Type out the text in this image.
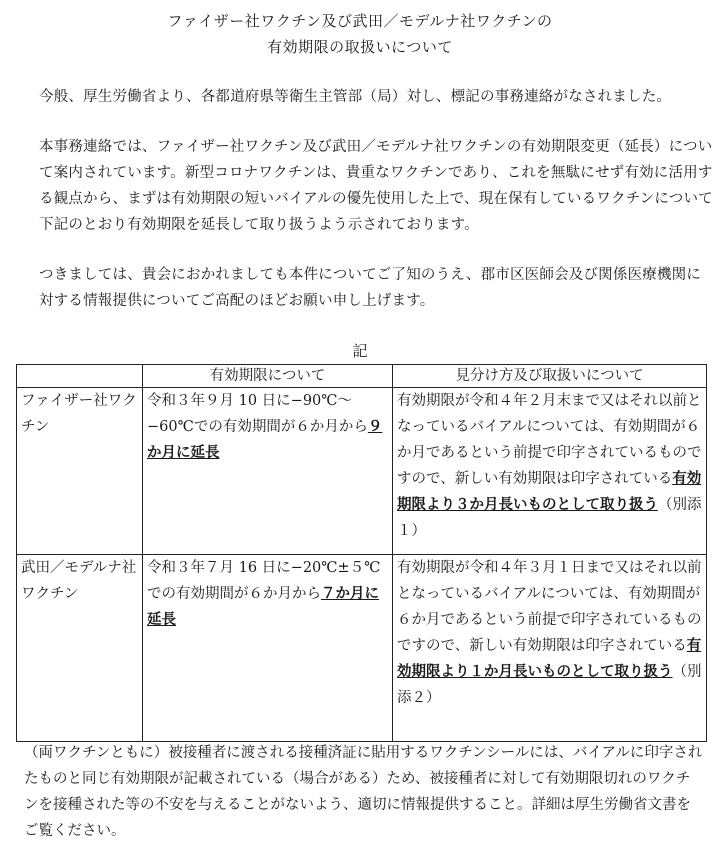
ファイザー社ワクチン及び武田／モデルナ社ワクチンの
有効期限の取扱いについて
今般、厚生労働省より、各都道府県等衛生主管部（局）対し、標記の事務連絡がなされました。
本事務連絡では、ファイザー社ワクチン及び武田／モデルナ社ワクチンの有効期限変更（延長）について案内されています。新型コロナワクチンは、貴重なワクチンであり、これを無駄にせず有効に活用する観点から、まずは有効期限の短いバイアルの優先使用した上で、現在保有しているワクチンについて下記のとおり有効期限を延長して取り扱うよう示されております。
つきましては、貴会におかれましても本件についてご了知のうえ、郡市区医師会及び関係医療機関に対する情報提供についてご高配のほどお願い申し上げます。
記
	有効期限について	見分け方及び取扱いについて
ファイザー社ワクチン	令和３年９月 10 日に−90℃〜−60℃での有効期間が６か月から９か月に延長	有効期限が令和４年２月末まで又はそれ以前となっているバイアルについては、有効期間が６か月であるという前提で印字されているものですので、新しい有効期限は印字されている有効期限より３か月長いものとして取り扱う（別添１）
武田／モデルナ社ワクチン	令和３年７月 16 日に−20℃±５℃での有効期間が６か月から７か月に延長	有効期限が令和４年３月１日まで又はそれ以前となっているバイアルについては、有効期間が６か月であるという前提で印字されているものですので、新しい有効期限は印字されている有効期限より１か月長いものとして取り扱う（別添２）
（両ワクチンともに）被接種者に渡される接種済証に貼用するワクチンシールには、バイアルに印字されたものと同じ有効期限が記載されている（場合がある）ため、被接種者に対して有効期限切れのワクチンを接種された等の不安を与えることがないよう、適切に情報提供すること。詳細は厚生労働省文書をご覧ください。
